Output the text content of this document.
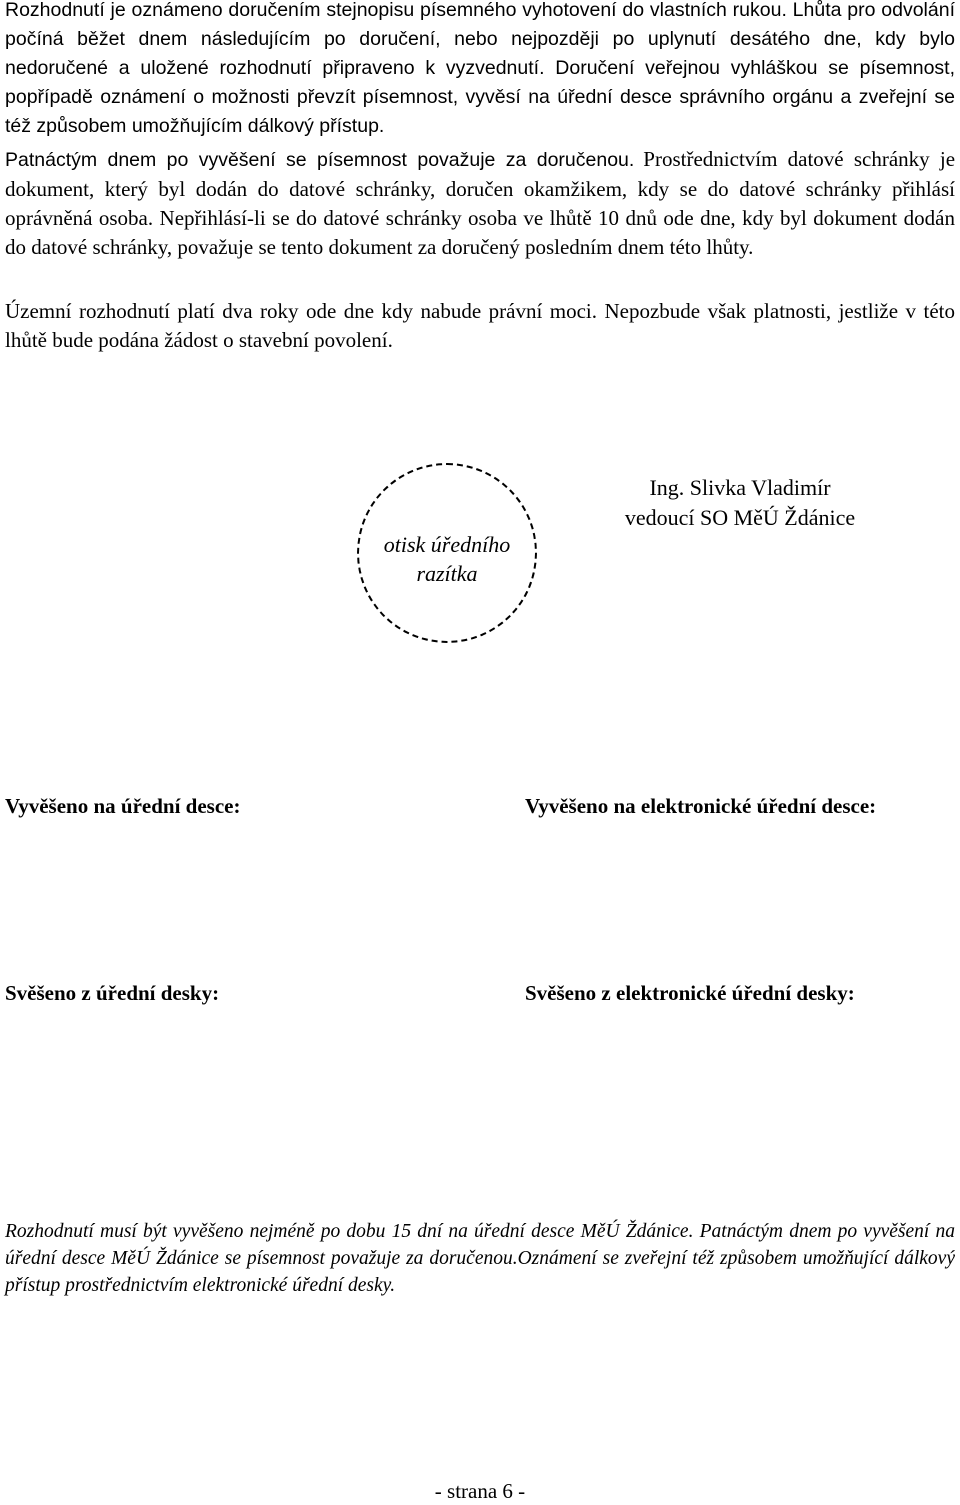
Rozhodnutí je oznámeno doručením stejnopisu písemného vyhotovení do vlastních rukou. Lhůta pro odvolání počíná běžet dnem následujícím po doručení, nebo nejpozději po uplynutí desátého dne, kdy bylo nedoručené a uložené rozhodnutí připraveno k vyzvednutí. Doručení veřejnou vyhláškou se písemnost, popřípadě oznámení o možnosti převzít písemnost, vyvěsí na úřední desce správního orgánu a zveřejní se též způsobem umožňujícím dálkový přístup.

Patnáctým dnem po vyvěšení se písemnost považuje za doručenou. Prostřednictvím datové schránky je dokument, který byl dodán do datové schránky, doručen okamžikem, kdy se do datové schránky přihlásí oprávněná osoba. Nepřihlásí-li se do datové schránky osoba ve lhůtě 10 dnů ode dne, kdy byl dokument dodán do datové schránky, považuje se tento dokument za doručený posledním dnem této lhůty.

Územní rozhodnutí platí dva roky ode dne kdy nabude právní moci. Nepozbude však platnosti, jestliže v této lhůtě bude podána žádost o stavební povolení.

otisk úředního
razítka
Ing. Slivka Vladimír
vedoucí SO MěÚ Ždánice
Vyvěšeno na úřední desce:	Vyvěšeno na elektronické úřední desce:
Svěšeno z úřední desky:	Svěšeno z elektronické úřední desky:

Rozhodnutí musí být vyvěšeno nejméně po dobu 15 dní na úřední desce MěÚ Ždánice. Patnáctým dnem po vyvěšení na úřední desce MěÚ Ždánice se písemnost považuje za doručenou.Oznámení se zveřejní též způsobem umožňující dálkový přístup prostřednictvím elektronické úřední desky.

- strana 6 -
